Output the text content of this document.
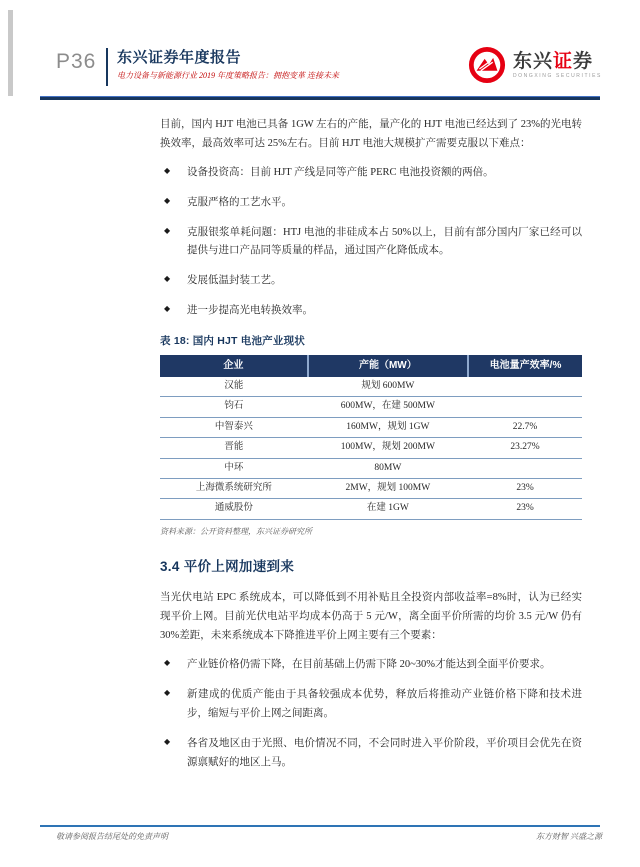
P36 东兴证券年度报告
电力设备与新能源行业 2019 年度策略报告：拥抱变革 连接未来
东兴证券
DONGXING SECURITIES

目前，国内 HJT 电池已具备 1GW 左右的产能，量产化的 HJT 电池已经达到了 23%的光电转换效率，最高效率可达 25%左右。目前 HJT 电池大规模扩产需要克服以下难点：

◆ 设备投资高：目前 HJT 产线是同等产能 PERC 电池投资额的两倍。
◆ 克服严格的工艺水平。
◆ 克服银浆单耗问题：HTJ 电池的非硅成本占 50%以上，目前有部分国内厂家已经可以提供与进口产品同等质量的样品，通过国产化降低成本。
◆ 发展低温封装工艺。
◆ 进一步提高光电转换效率。
表 18: 国内 HJT 电池产业现状
企业	产能（MW）	电池量产效率/%
汉能	规划 600MW	
钧石	600MW，在建 500MW	
中智泰兴	160MW，规划 1GW	22.7%
晋能	100MW，规划 200MW	23.27%
中环	80MW	
上海微系统研究所	2MW，规划 100MW	23%
通威股份	在建 1GW	23%
资料来源：公开资料整理，东兴证券研究所
3.4 平价上网加速到来

当光伏电站 EPC 系统成本，可以降低到不用补贴且全投资内部收益率=8%时，认为已经实现平价上网。目前光伏电站平均成本仍高于 5 元/W，离全面平价所需的均价 3.5 元/W 仍有 30%差距，未来系统成本下降推进平价上网主要有三个要素：

◆ 产业链价格仍需下降，在目前基础上仍需下降 20~30%才能达到全面平价要求。
◆ 新建成的优质产能由于具备较强成本优势，释放后将推动产业链价格下降和技术进步，缩短与平价上网之间距离。
◆ 各省及地区由于光照、电价情况不同，不会同时进入平价阶段，平价项目会优先在资源禀赋好的地区上马。
敬请参阅报告结尾处的免责声明	东方财智 兴盛之源
